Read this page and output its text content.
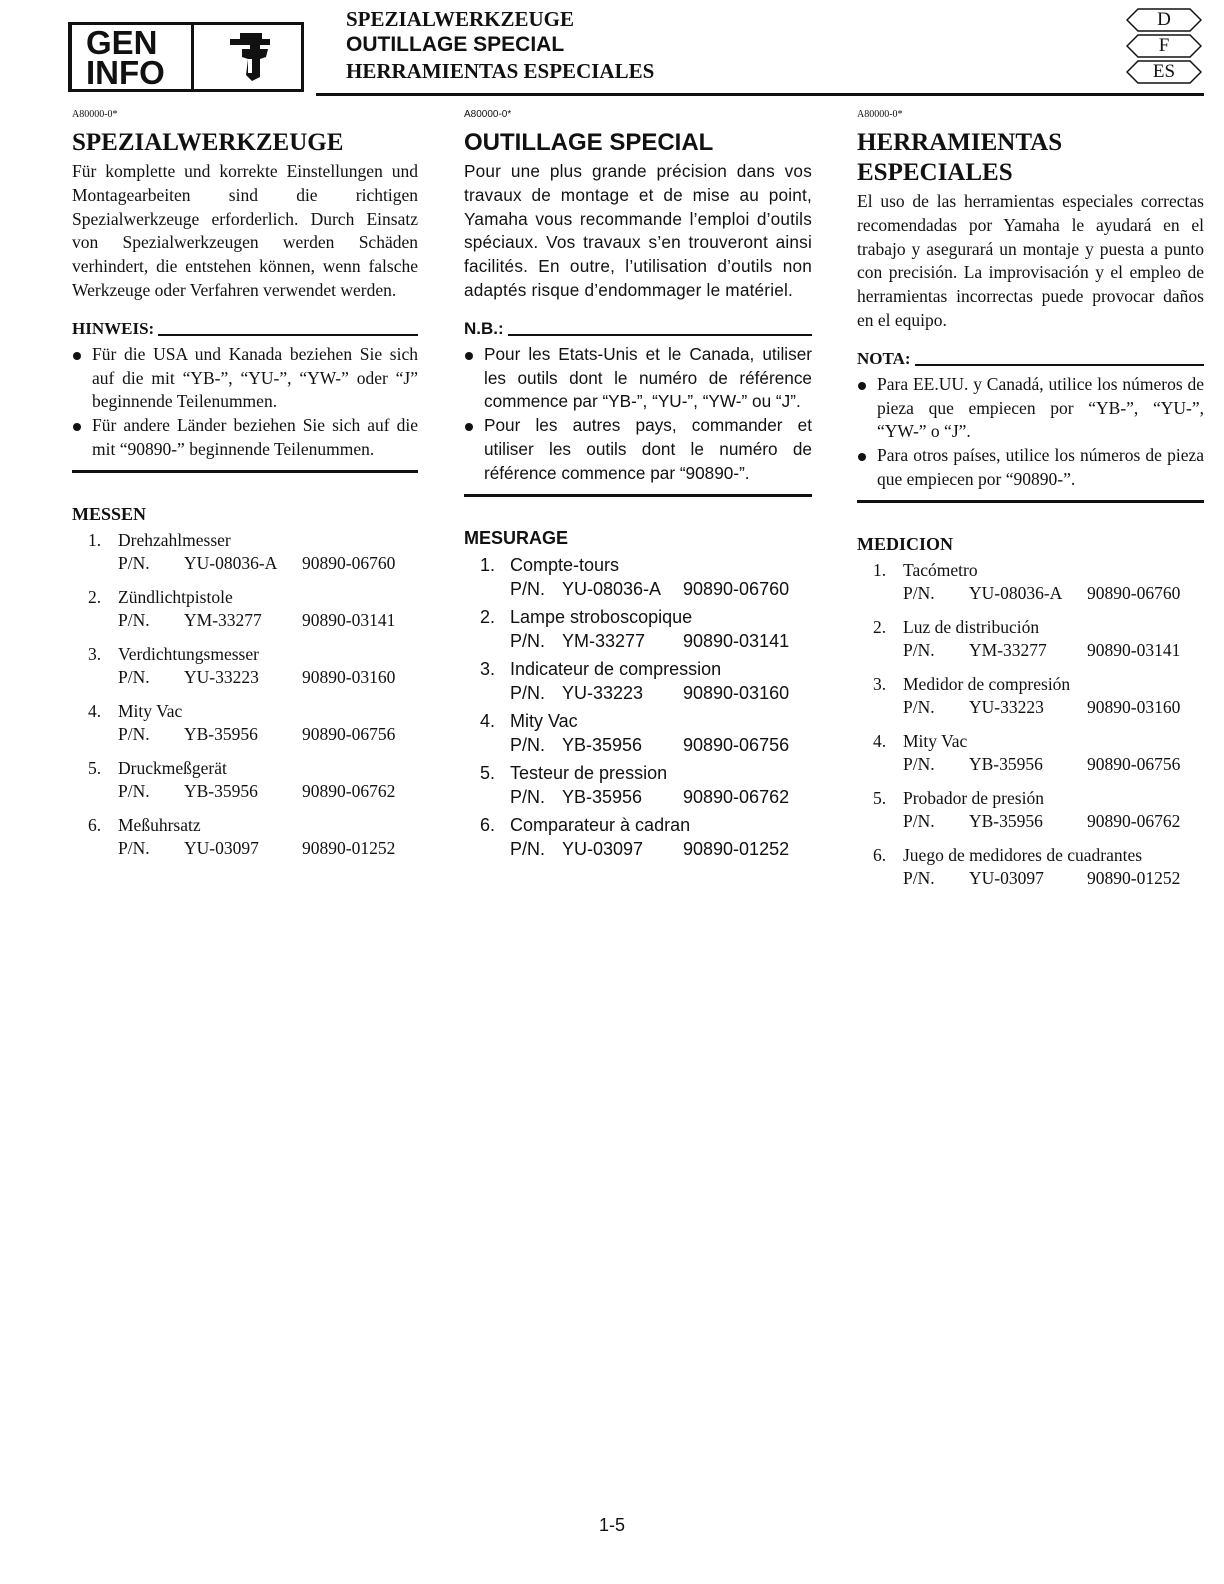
GEN
INFO
SPEZIALWERKZEUGE
OUTILLAGE SPECIAL
HERRAMIENTAS ESPECIALES
D
F
ES

A80000-0*

SPEZIALWERKZEUGE

Für komplette und korrekte Einstellungen und Montagearbeiten sind die richtigen Spezialwerkzeuge erforderlich. Durch Einsatz von Spezialwerkzeugen werden Schäden verhindert, die entstehen können, wenn falsche Werkzeuge oder Verfahren verwendet werden.

HINWEIS:
Für die USA und Kanada beziehen Sie sich auf die mit “YB-”, “YU-”, “YW-” oder “J” beginnende Teilenummen.
Für andere Länder beziehen Sie sich auf die mit “90890-” beginnende Teilenummen.
MESSEN
1. Drehzahlmesser
P/N.	YU-08036-A	90890-06760
2. Zündlichtpistole
P/N.	YM-33277	90890-03141
3. Verdichtungsmesser
P/N.	YU-33223	90890-03160
4. Mity Vac
P/N.	YB-35956	90890-06756
5. Druckmeßgerät
P/N.	YB-35956	90890-06762
6. Meßuhrsatz
P/N.	YU-03097	90890-01252

A80000-0*

OUTILLAGE SPECIAL

Pour une plus grande précision dans vos travaux de montage et de mise au point, Yamaha vous recommande l’emploi d’outils spéciaux. Vos travaux s’en trouveront ainsi facilités. En outre, l’utilisation d’outils non adaptés risque d’endommager le matériel.

N.B.:
Pour les Etats-Unis et le Canada, utiliser les outils dont le numéro de référence commence par “YB-”, “YU-”, “YW-” ou “J”.
Pour les autres pays, commander et utiliser les outils dont le numéro de référence commence par “90890-”.
MESURAGE
1. Compte-tours
P/N. YU-08036-A	90890-06760
2. Lampe stroboscopique
P/N. YM-33277	90890-03141
3. Indicateur de compression
P/N. YU-33223	90890-03160
4. Mity Vac
P/N. YB-35956	90890-06756
5. Testeur de pression
P/N. YB-35956	90890-06762
6. Comparateur à cadran
P/N. YU-03097	90890-01252

A80000-0*

HERRAMIENTAS ESPECIALES

El uso de las herramientas especiales correctas recomendadas por Yamaha le ayudará en el trabajo y asegurará un montaje y puesta a punto con precisión. La improvisación y el empleo de herramientas incorrectas puede provocar daños en el equipo.

NOTA:
Para EE.UU. y Canadá, utilice los números de pieza que empiecen por “YB-”, “YU-”, “YW-” o “J”.
Para otros países, utilice los números de pieza que empiecen por “90890-”.
MEDICION
1. Tacómetro
P/N.	YU-08036-A	90890-06760
2. Luz de distribución
P/N.	YM-33277	90890-03141
3. Medidor de compresión
P/N.	YU-33223	90890-03160
4. Mity Vac
P/N.	YB-35956	90890-06756
5. Probador de presión
P/N.	YB-35956	90890-06762
6. Juego de medidores de cuadrantes
P/N.	YU-03097	90890-01252
1-5
